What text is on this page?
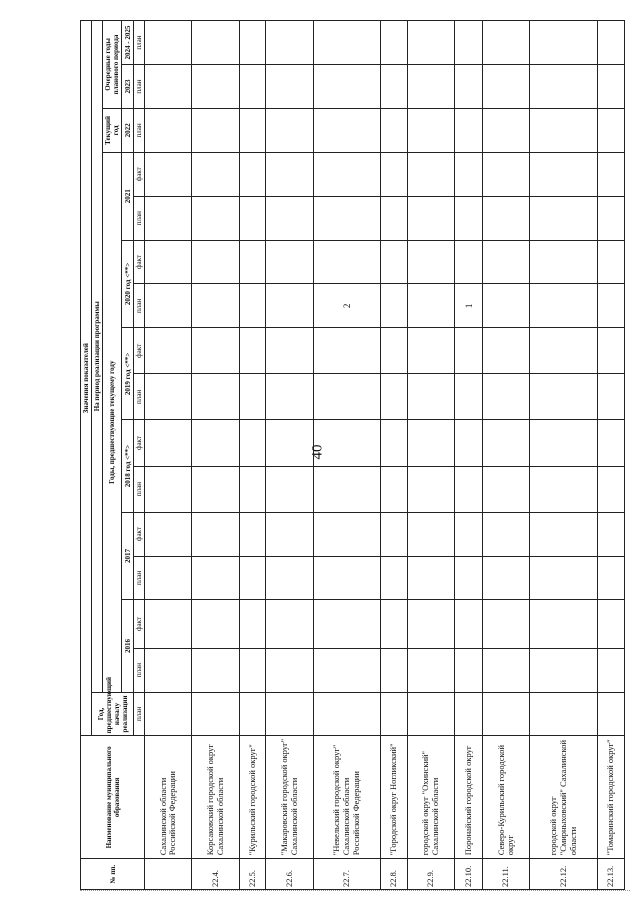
40
№ пп.	Наименование муниципального образования	Значения показателей															
		Год, предшествующий началу реализации	На период реализации программы														
			Годы, предшествующие текущему году												Текущий год	Очередные годы планового периода	
			2016		2017		2018 год <**>		2019 год <**>		2020 год <**>		2021		2022	2023	2024 - 2025
		план	план	факт	план	факт	план	факт	план	факт	план	факт	план	факт	план	план	план
	Сахалинской области Российской Федерации																
22.4.	Корсаковский городской округ Сахалинской области																
22.5.	"Курильский городской округ"																
22.6.	"Макаровский городской округ" Сахалинской области																
22.7.	"Невельский городской округ" Сахалинской области Российской Федерации										2						
22.8.	"Городской округ Ногликский"																
22.9.	городской округ "Охинский" Сахалинской области																
22.10.	Поронайский городской округ										1						
22.11.	Северо-Курильский городской округ																
22.12.	городской округ "Смирныховский" Сахалинской области																
22.13.	"Томаринский городской округ"																
